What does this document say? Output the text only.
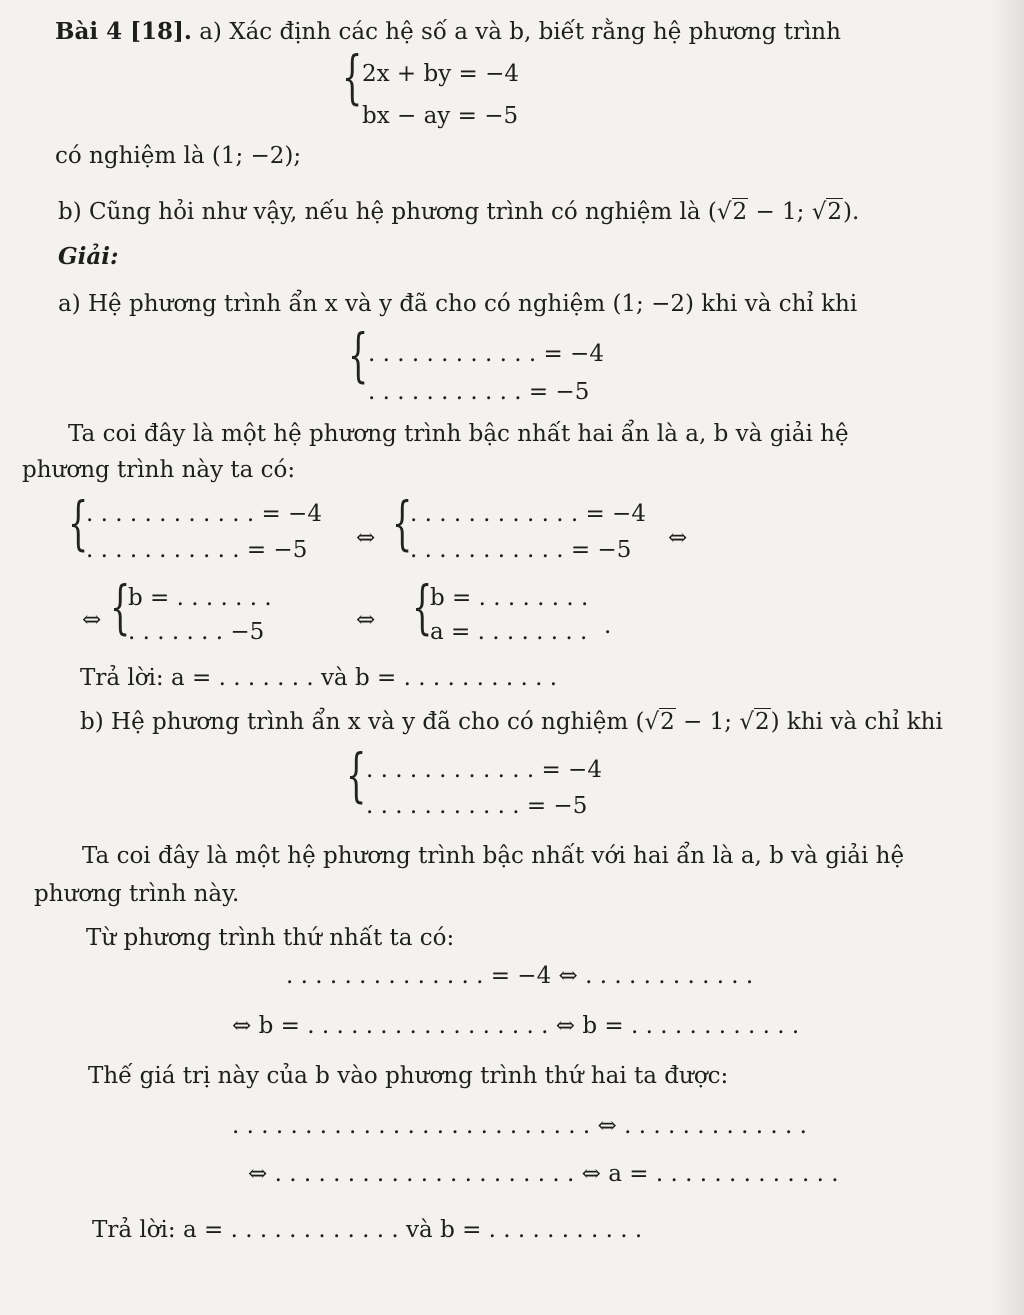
Bài 4 [18]. a) Xác định các hệ số a và b, biết rằng hệ phương trình
{ 2x + by = −4
bx − ay = −5
có nghiệm là (1; −2);
b) Cũng hỏi như vậy, nếu hệ phương trình có nghiệm là (√2 − 1; √2).
Giải:
a) Hệ phương trình ẩn x và y đã cho có nghiệm (1; −2) khi và chỉ khi
{ . . . . . . . . . . . . = −4
. . . . . . . . . . . = −5
Ta coi đây là một hệ phương trình bậc nhất hai ẩn là a, b và giải hệ
phương trình này ta có:
{
. . . . . . . . . . . . = −4
. . . . . . . . . . . = −5 ⇔ {
. . . . . . . . . . . . = −4
. . . . . . . . . . . = −5 ⇔
⇔ {
b = . . . . . . .
. . . . . . . −5	⇔ {
b = . . . . . . . .
a = . . . . . . . . .
Trả lời: a = . . . . . . . và b = . . . . . . . . . . .
b) Hệ phương trình ẩn x và y đã cho có nghiệm (√2 − 1; √2) khi và chỉ khi
{ . . . . . . . . . . . . = −4
. . . . . . . . . . . = −5
Ta coi đây là một hệ phương trình bậc nhất với hai ẩn là a, b và giải hệ
phương trình này.
Từ phương trình thứ nhất ta có:
. . . . . . . . . . . . . . = −4 ⇔ . . . . . . . . . . . .
⇔ b = . . . . . . . . . . . . . . . . . ⇔ b = . . . . . . . . . . . .
Thế giá trị này của b vào phương trình thứ hai ta được:
. . . . . . . . . . . . . . . . . . . . . . . . . ⇔ . . . . . . . . . . . . .
⇔ . . . . . . . . . . . . . . . . . . . . . ⇔ a = . . . . . . . . . . . . .
Trả lời: a = . . . . . . . . . . . . và b = . . . . . . . . . . .
